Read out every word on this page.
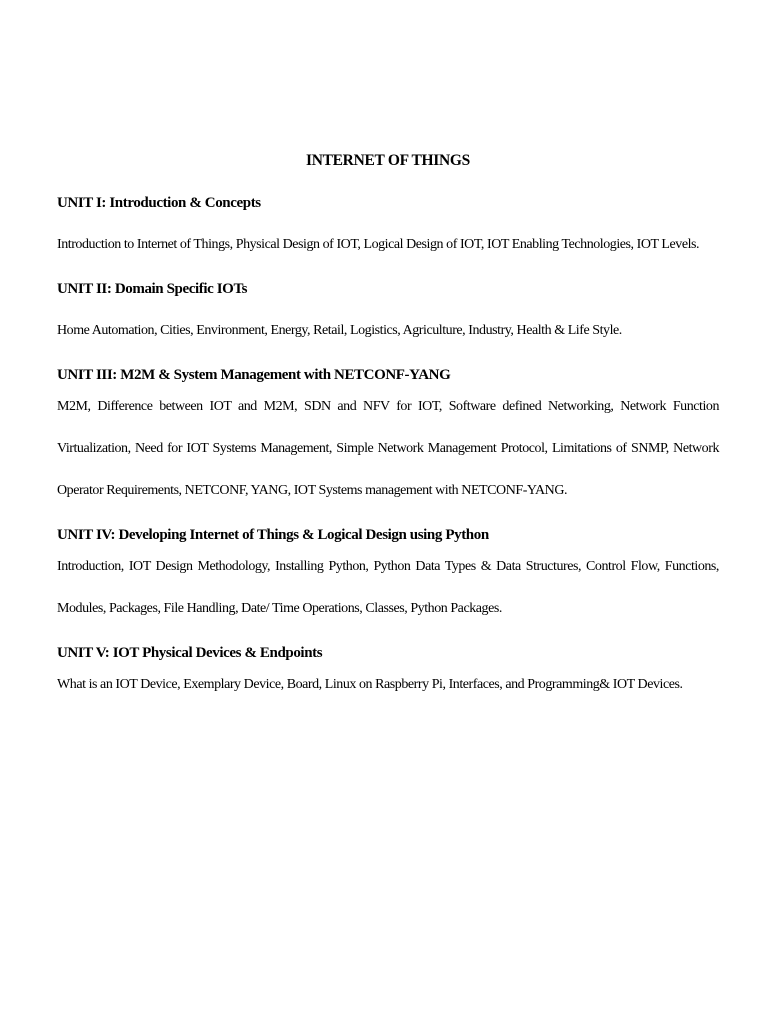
INTERNET OF THINGS
UNIT I: Introduction & Concepts

Introduction to Internet of Things, Physical Design of IOT, Logical Design of IOT, IOT Enabling Technologies, IOT Levels.

UNIT II: Domain Specific IOTs

Home Automation, Cities, Environment, Energy, Retail, Logistics, Agriculture, Industry, Health & Life Style.

UNIT III: M2M & System Management with NETCONF-YANG

M2M, Difference between IOT and M2M, SDN and NFV for IOT, Software defined Networking, Network Function Virtualization, Need for IOT Systems Management, Simple Network Management Protocol, Limitations of SNMP, Network Operator Requirements, NETCONF, YANG, IOT Systems management with NETCONF-YANG.

UNIT IV: Developing Internet of Things & Logical Design using Python

Introduction, IOT Design Methodology, Installing Python, Python Data Types & Data Structures, Control Flow, Functions, Modules, Packages, File Handling, Date/ Time Operations, Classes, Python Packages.

UNIT V: IOT Physical Devices & Endpoints

What is an IOT Device, Exemplary Device, Board, Linux on Raspberry Pi, Interfaces, and Programming& IOT Devices.
